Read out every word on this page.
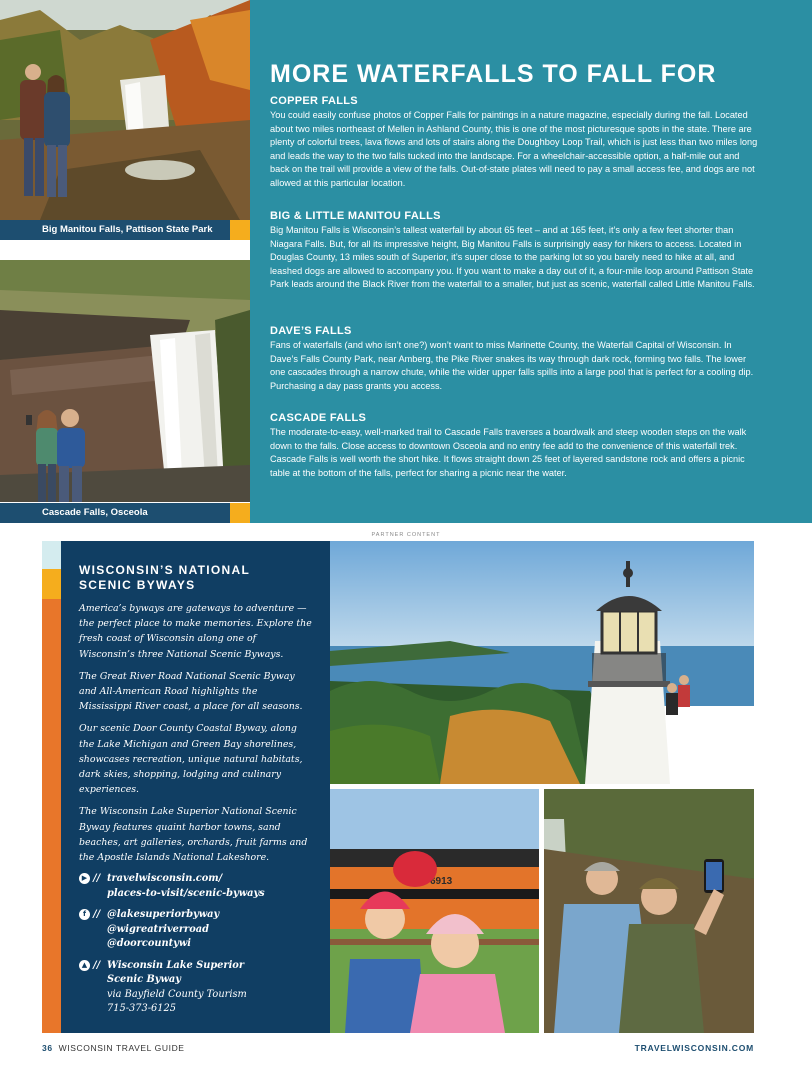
Big Manitou Falls, Pattison State Park
Cascade Falls, Osceola
MORE WATERFALLS TO FALL FOR
COPPER FALLS

You could easily confuse photos of Copper Falls for paintings in a nature magazine, especially during the fall. Located about two miles northeast of Mellen in Ashland County, this is one of the most picturesque spots in the state. There are plenty of colorful trees, lava flows and lots of stairs along the Doughboy Loop Trail, which is just less than two miles long and leads the way to the two falls tucked into the landscape. For a wheelchair-accessible option, a half-mile out and back on the trail will provide a view of the falls. Out-of-state plates will need to pay a small access fee, and dogs are not allowed at this particular location.

BIG & LITTLE MANITOU FALLS

Big Manitou Falls is Wisconsin’s tallest waterfall by about 65 feet – and at 165 feet, it’s only a few feet shorter than Niagara Falls. But, for all its impressive height, Big Manitou Falls is surprisingly easy for hikers to access. Located in Douglas County, 13 miles south of Superior, it’s super close to the parking lot so you barely need to hike at all, and leashed dogs are allowed to accompany you. If you want to make a day out of it, a four-mile loop around Pattison State Park leads around the Black River from the waterfall to a smaller, but just as scenic, waterfall called Little Manitou Falls.

DAVE’S FALLS

Fans of waterfalls (and who isn’t one?) won’t want to miss Marinette County, the Waterfall Capital of Wisconsin. In Dave’s Falls County Park, near Amberg, the Pike River snakes its way through dark rock, forming two falls. The lower one cascades through a narrow chute, while the wider upper falls spills into a large pool that is perfect for a cooling dip. Purchasing a day pass grants you access.

CASCADE FALLS

The moderate-to-easy, well-marked trail to Cascade Falls traverses a boardwalk and steep wooden steps on the walk down to the falls. Close access to downtown Osceola and no entry fee add to the convenience of this waterfall trek. Cascade Falls is well worth the short hike. It flows straight down 25 feet of layered sandstone rock and offers a picnic table at the bottom of the falls, perfect for sharing a picnic near the water.

PARTNER CONTENT
WISCONSIN’S NATIONAL
SCENIC BYWAYS

America’s byways are gateways to adventure — the perfect place to make memories. Explore the fresh coast of Wisconsin along one of Wisconsin’s three National Scenic Byways.

The Great River Road National Scenic Byway and All-American Road highlights the Mississippi River coast, a place for all seasons.

Our scenic Door County Coastal Byway, along the Lake Michigan and Green Bay shorelines, showcases recreation, unique natural habitats, dark skies, shopping, lodging and culinary experiences.

The Wisconsin Lake Superior National Scenic Byway features quaint harbor towns, sand beaches, art galleries, orchards, fruit farms and the Apostle Islands National Lakeshore.

▶ // travelwisconsin.com/
places-to-visit/scenic-byways
f // @lakesuperiorbyway
@wigreatriverroad
@doorcountywi
▲ // Wisconsin Lake Superior
Scenic Byway
via Bayfield County Tourism
715-373-6125
6913
36 WISCONSIN TRAVEL GUIDE	TRAVELWISCONSIN.COM
